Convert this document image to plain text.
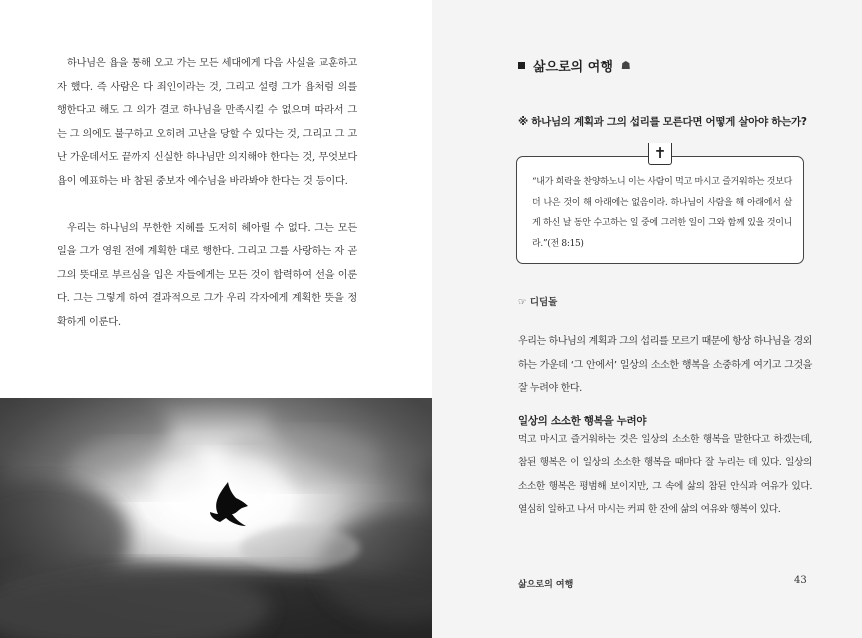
하나님은 욥을 통해 오고 가는 모든 세대에게 다음 사실을 교훈하고자 했다. 즉 사람은 다 죄인이라는 것, 그리고 설령 그가 욥처럼 의를 행한다고 해도 그 의가 결코 하나님을 만족시킬 수 없으며 따라서 그는 그 의에도 불구하고 오히려 고난을 당할 수 있다는 것, 그리고 그 고난 가운데서도 끝까지 신실한 하나님만 의지해야 한다는 것, 무엇보다 욥이 예표하는 바 참된 중보자 예수님을 바라봐야 한다는 것 등이다.

우리는 하나님의 무한한 지혜를 도저히 헤아릴 수 없다. 그는 모든 일을 그가 영원 전에 계획한 대로 행한다. 그리고 그를 사랑하는 자 곧 그의 뜻대로 부르심을 입은 자들에게는 모든 것이 합력하여 선을 이룬다. 그는 그렇게 하여 결과적으로 그가 우리 각자에게 계획한 뜻을 정확하게 이룬다.

삶으로의 여행 ☗
※ 하나님의 계획과 그의 섭리를 모른다면 어떻게 살아야 하는가?
✝
“내가 희락을 찬양하노니 이는 사람이 먹고 마시고 즐거워하는 것보다 더 나은 것이 해 아래에는 없음이라. 하나님이 사람을 해 아래에서 살게 하신 날 동안 수고하는 일 중에 그러한 일이 그와 함께 있을 것이니라.”(전 8:15)
☞ 디딤돌
우리는 하나님의 계획과 그의 섭리를 모르기 때문에 항상 하나님을 경외하는 가운데 ‘그 안에서’ 일상의 소소한 행복을 소중하게 여기고 그것을 잘 누려야 한다.
일상의 소소한 행복을 누려야
먹고 마시고 즐거워하는 것은 일상의 소소한 행복을 말한다고 하겠는데, 참된 행복은 이 일상의 소소한 행복을 때마다 잘 누리는 데 있다. 일상의 소소한 행복은 평범해 보이지만, 그 속에 삶의 참된 안식과 여유가 있다. 열심히 일하고 나서 마시는 커피 한 잔에 삶의 여유와 행복이 있다.
삶으로의 여행	43
